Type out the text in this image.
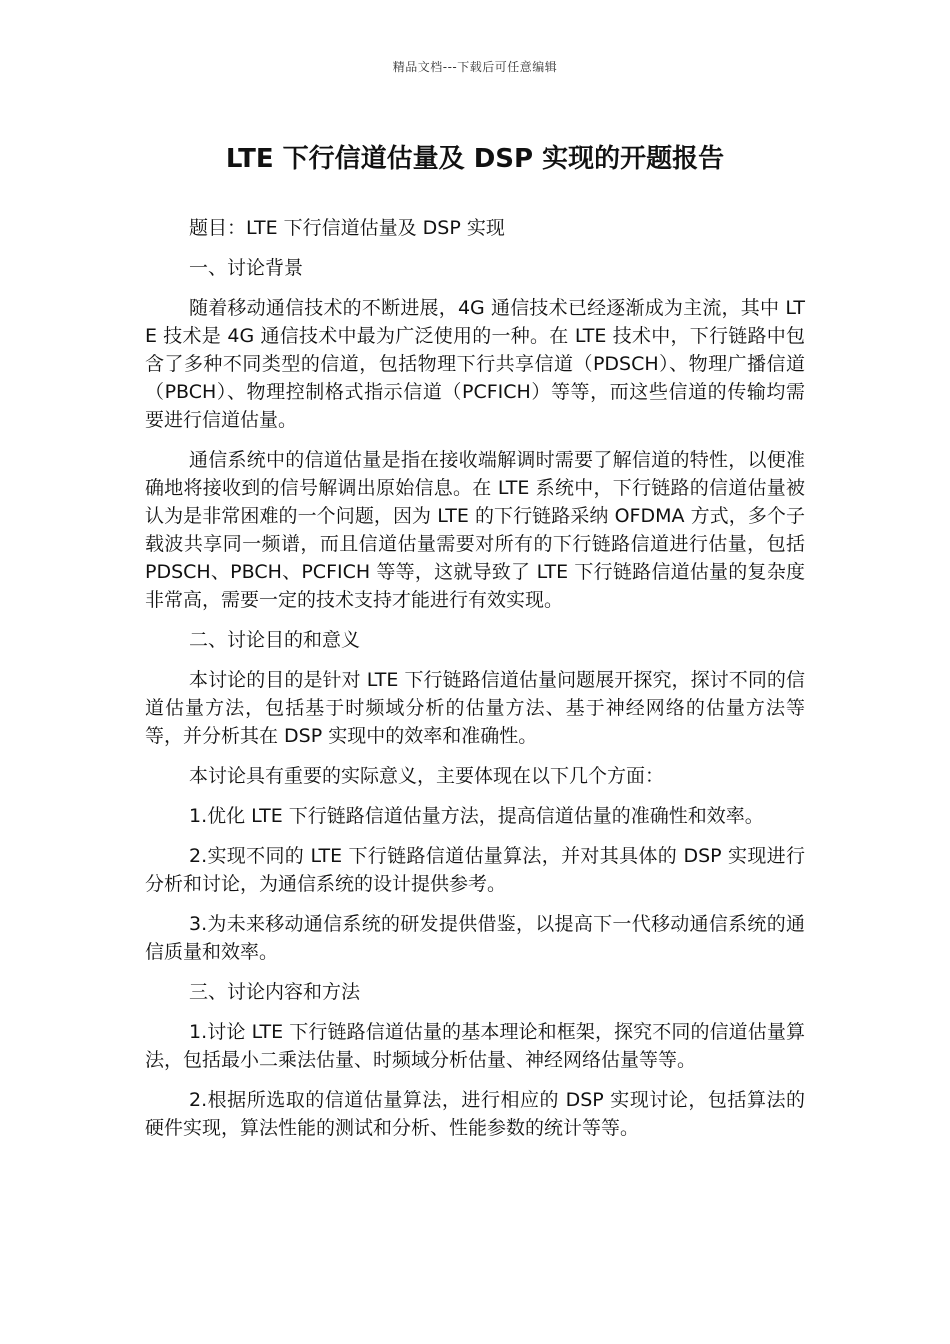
精品文档---下载后可任意编辑
LTE 下行信道估量及 DSP 实现的开题报告

题目：LTE 下行信道估量及 DSP 实现

一、讨论背景

随着移动通信技术的不断进展，4G 通信技术已经逐渐成为主流，其中 LTE 技术是 4G 通信技术中最为广泛使用的一种。在 LTE 技术中，下行链路中包含了多种不同类型的信道，包括物理下行共享信道（PDSCH）、物理广播信道（PBCH）、物理控制格式指示信道（PCFICH）等等，而这些信道的传输均需要进行信道估量。

通信系统中的信道估量是指在接收端解调时需要了解信道的特性，以便准确地将接收到的信号解调出原始信息。在 LTE 系统中，下行链路的信道估量被认为是非常困难的一个问题，因为 LTE 的下行链路采纳 OFDMA 方式，多个子载波共享同一频谱，而且信道估量需要对所有的下行链路信道进行估量，包括 PDSCH、PBCH、PCFICH 等等，这就导致了 LTE 下行链路信道估量的复杂度非常高，需要一定的技术支持才能进行有效实现。

二、讨论目的和意义

本讨论的目的是针对 LTE 下行链路信道估量问题展开探究，探讨不同的信道估量方法，包括基于时频域分析的估量方法、基于神经网络的估量方法等等，并分析其在 DSP 实现中的效率和准确性。

本讨论具有重要的实际意义，主要体现在以下几个方面：

1.优化 LTE 下行链路信道估量方法，提高信道估量的准确性和效率。

2.实现不同的 LTE 下行链路信道估量算法，并对其具体的 DSP 实现进行分析和讨论，为通信系统的设计提供参考。

3.为未来移动通信系统的研发提供借鉴，以提高下一代移动通信系统的通信质量和效率。

三、讨论内容和方法

1.讨论 LTE 下行链路信道估量的基本理论和框架，探究不同的信道估量算法，包括最小二乘法估量、时频域分析估量、神经网络估量等等。

2.根据所选取的信道估量算法，进行相应的 DSP 实现讨论，包括算法的硬件实现，算法性能的测试和分析、性能参数的统计等等。
